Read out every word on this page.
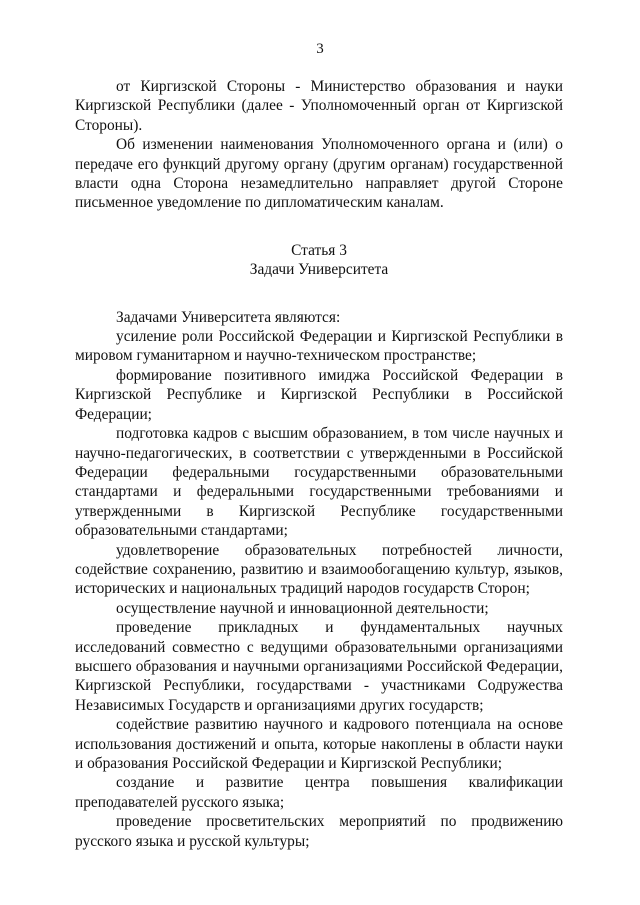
3

от Киргизской Стороны - Министерство образования и науки Киргизской Республики (далее - Уполномоченный орган от Киргизской Стороны).

Об изменении наименования Уполномоченного органа и (или) о передаче его функций другому органу (другим органам) государственной власти одна Сторона незамедлительно направляет другой Стороне письменное уведомление по дипломатическим каналам.

Статья 3

Задачи Университета

Задачами Университета являются:

усиление роли Российской Федерации и Киргизской Республики в мировом гуманитарном и научно-техническом пространстве;

формирование позитивного имиджа Российской Федерации в Киргизской Республике и Киргизской Республики в Российской Федерации;

подготовка кадров с высшим образованием, в том числе научных и научно-педагогических, в соответствии с утвержденными в Российской Федерации федеральными государственными образовательными стандартами и федеральными государственными требованиями и утвержденными в Киргизской Республике государственными образовательными стандартами;

удовлетворение образовательных потребностей личности, содействие сохранению, развитию и взаимообогащению культур, языков, исторических и национальных традиций народов государств Сторон;

осуществление научной и инновационной деятельности;

проведение прикладных и фундаментальных научных исследований совместно с ведущими образовательными организациями высшего образования и научными организациями Российской Федерации, Киргизской Республики, государствами - участниками Содружества Независимых Государств и организациями других государств;

содействие развитию научного и кадрового потенциала на основе использования достижений и опыта, которые накоплены в области науки и образования Российской Федерации и Киргизской Республики;

создание и развитие центра повышения квалификации преподавателей русского языка;

проведение просветительских мероприятий по продвижению русского языка и русской культуры;
